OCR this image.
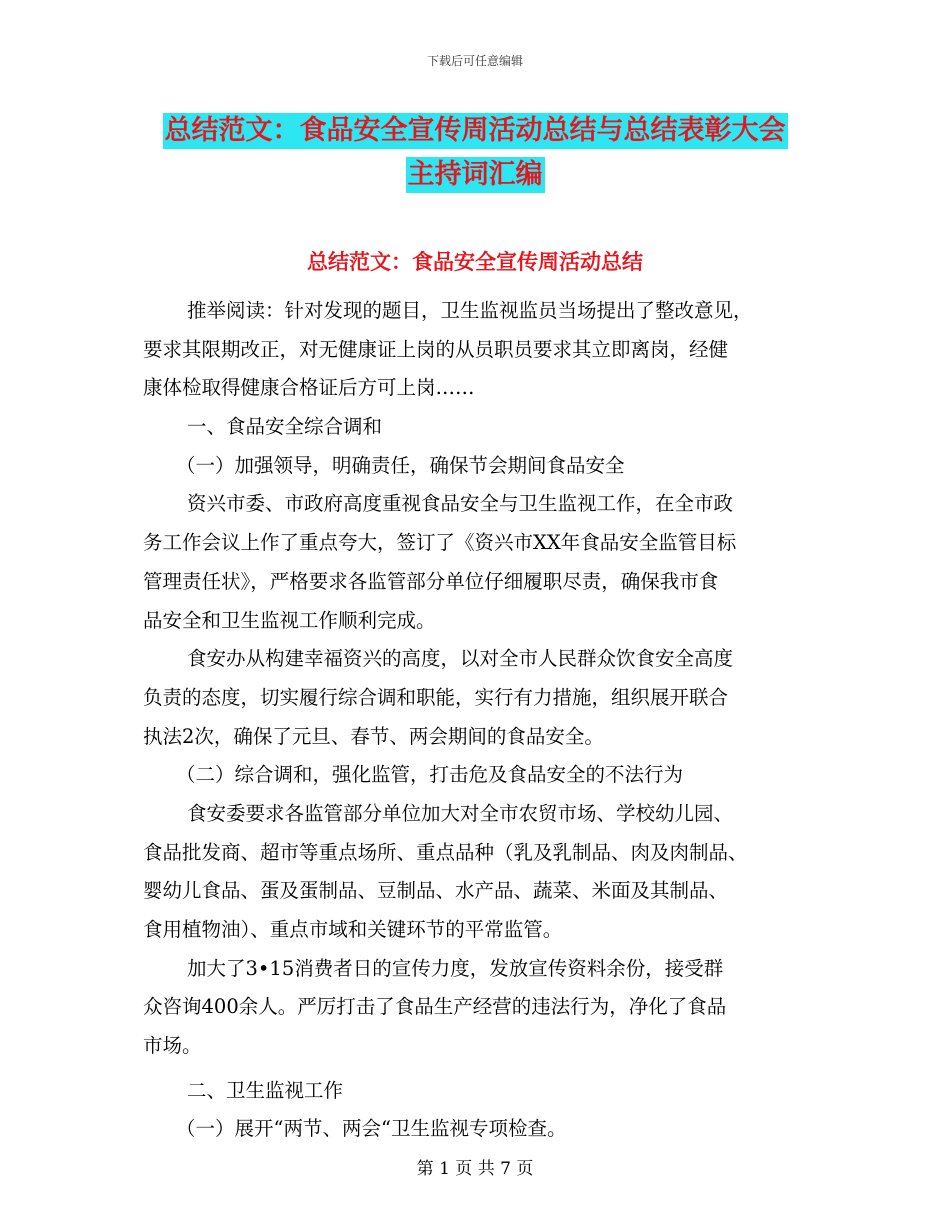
下载后可任意编辑
总结范文：食品安全宣传周活动总结与总结表彰大会
主持词汇编
总结范文：食品安全宣传周活动总结
推举阅读：针对发现的题目，卫生监视监员当场提出了整改意见，
要求其限期改正，对无健康证上岗的从员职员要求其立即离岗，经健
康体检取得健康合格证后方可上岗……
一、食品安全综合调和
（一）加强领导，明确责任，确保节会期间食品安全
资兴市委、市政府高度重视食品安全与卫生监视工作，在全市政
务工作会议上作了重点夸大，签订了《资兴市XX年食品安全监管目标
管理责任状》，严格要求各监管部分单位仔细履职尽责，确保我市食
品安全和卫生监视工作顺利完成。
食安办从构建幸福资兴的高度，以对全市人民群众饮食安全高度
负责的态度，切实履行综合调和职能，实行有力措施，组织展开联合
执法2次，确保了元旦、春节、两会期间的食品安全。
（二）综合调和，强化监管，打击危及食品安全的不法行为
食安委要求各监管部分单位加大对全市农贸市场、学校幼儿园、
食品批发商、超市等重点场所、重点品种（乳及乳制品、肉及肉制品、
婴幼儿食品、蛋及蛋制品、豆制品、水产品、蔬菜、米面及其制品、
食用植物油）、重点市域和关键环节的平常监管。
加大了3•15消费者日的宣传力度，发放宣传资料余份，接受群
众咨询400余人。严厉打击了食品生产经营的违法行为，净化了食品
市场。
二、卫生监视工作
（一）展开“两节、两会“卫生监视专项检查。
第 1 页 共 7 页
